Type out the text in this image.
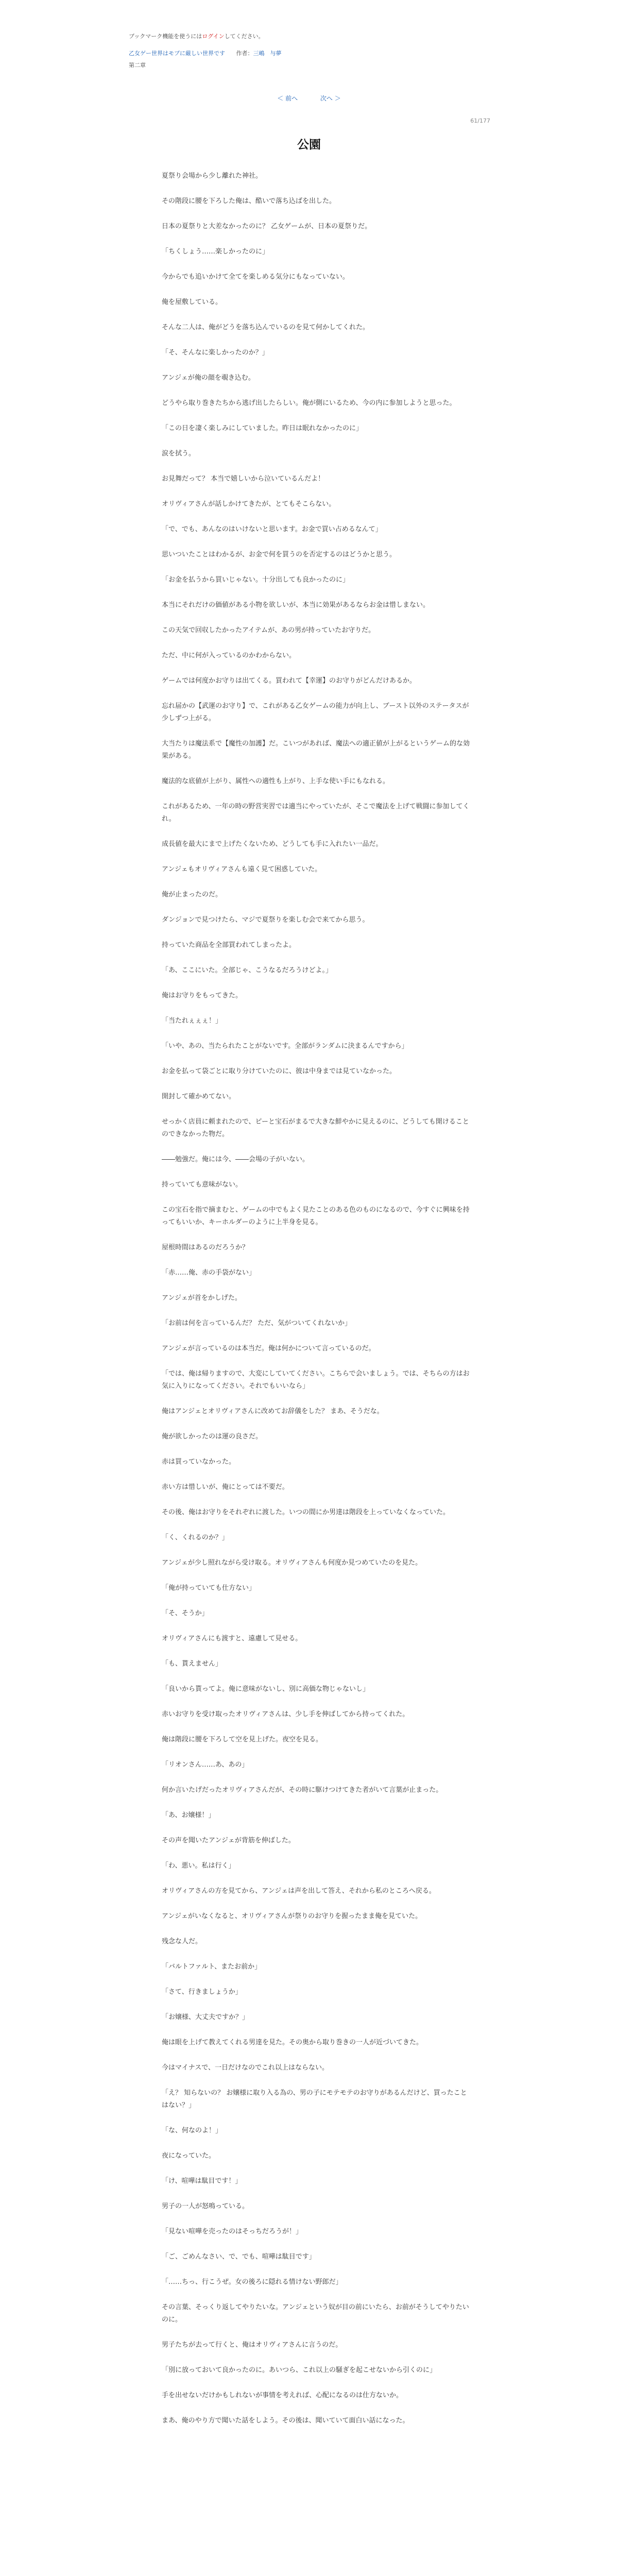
ブックマーク機能を使うにはログインしてください。
乙女ゲー世界はモブに厳しい世界です 作者：三嶋　与夢
第二章
＜ 前へ	次へ ＞
61/177
公園

夏祭り会場から少し離れた神社。

その階段に腰を下ろした俺は、酷いで落ち込ばを出した。

日本の夏祭りと大差なかったのに？ 乙女ゲームが、日本の夏祭りだ。

「ちくしょう……楽しかったのに」

今からでも追いかけて全てを楽しめる気分にもなっていない。

俺を屋敷している。

そんな二人は、俺がどうを落ち込んでいるのを見て何かしてくれた。

「そ、そんなに楽しかったのか？」

アンジェが俺の顔を覗き込む。

どうやら取り巻きたちから逃げ出したらしい。俺が側にいるため、今の内に参加しようと思った。

「この日を凄く楽しみにしていました。昨日は眠れなかったのに」

涙を拭う。

お見舞だって？ 本当で嬉しいから泣いているんだよ！

オリヴィアさんが話しかけてきたが、とてもそこらない。

「で、でも、あんなのはいけないと思います。お金で買い占めるなんて」

思いついたことはわかるが、お金で何を買うのを否定するのはどうかと思う。

「お金を払うから買いじゃない。十分出しても良かったのに」

本当にそれだけの価値がある小物を欲しいが、本当に効果があるならお金は惜しまない。

この天気で回収したかったアイテムが、あの男が持っていたお守りだ。

ただ、中に何が入っているのかわからない。

ゲームでは何度かお守りは出てくる。買われて【幸運】のお守りがどんだけあるか。

忘れ届かの【武運のお守り】で、これがある乙女ゲームの能力が向上し、ブースト以外のステータスが少しずつ上がる。

大当たりは魔法系で【魔性の加護】だ。こいつがあれば、魔法への適正値が上がるというゲーム的な効果がある。

魔法的な底値が上がり、属性への適性も上がり、上手な使い手にもなれる。

これがあるため、一年の時の野営実習では適当にやっていたが、そこで魔法を上げて戦闘に参加してくれ。

成長値を最大にまで上げたくないため、どうしても手に入れたい一品だ。

アンジェもオリヴィアさんも遠く見て困惑していた。

俺が止まったのだ。

ダンジョンで見つけたら、マジで夏祭りを楽しむ会で来てから思う。

持っていた商品を全部買われてしまったよ。

「あ、ここにいた。全部じゃ、こうなるだろうけどよ。」

俺はお守りをもってきた。

「当たれぇぇぇ！」

「いや、あの、当たられたことがないです。全部がランダムに決まるんですから」

お金を払って袋ごとに取り分けていたのに、彼は中身までは見ていなかった。

開封して確かめてない。

せっかく店員に頼まれたので、ピーと宝石がまるで大きな鮮やかに見えるのに、どうしても開けることのできなかった物だ。

――勉強だ。俺には今、――会場の子がいない。

持っていても意味がない。

この宝石を指で摘まむと、ゲームの中でもよく見たことのある色のものになるので、今すぐに興味を持ってもいいか、キーホルダーのように上半身を見る。

屋根時間はあるのだろうか？

「赤……俺、赤の手袋がない」

アンジェが首をかしげた。

「お前は何を言っているんだ？ ただ、気がついてくれないか」

アンジェが言っているのは本当だ。俺は何かについて言っているのだ。

「では、俺は帰りますので、大変にしていてください。こちらで会いましょう。では、そちらの方はお気に入りになってください。それでもいいなら」

俺はアンジェとオリヴィアさんに改めてお辞儀をした？ まあ、そうだな。

俺が欲しかったのは運の良さだ。

赤は買っていなかった。

赤い方は惜しいが、俺にとっては不要だ。

その後、俺はお守りをそれぞれに渡した。いつの間にか男達は階段を上っていなくなっていた。

「く、くれるのか？」

アンジェが少し照れながら受け取る。オリヴィアさんも何度か見つめていたのを見た。

「俺が持っていても仕方ない」

「そ、そうか」

オリヴィアさんにも渡すと、遠慮して見せる。

「も、貰えません」

「良いから貰ってよ。俺に意味がないし、別に高価な物じゃないし」

赤いお守りを受け取ったオリヴィアさんは、少し手を伸ばしてから持ってくれた。

俺は階段に腰を下ろして空を見上げた。夜空を見る。

「リオンさん……あ、あの」

何か言いたげだったオリヴィアさんだが、その時に駆けつけてきた者がいて言葉が止まった。

「あ、お嬢様！」

その声を聞いたアンジェが背筋を伸ばした。

「わ、悪い。私は行く」

オリヴィアさんの方を見てから、アンジェは声を出して答え、それから私のところへ戻る。

アンジェがいなくなると、オリヴィアさんが祭りのお守りを握ったまま俺を見ていた。

残念な人だ。

「バルトファルト、またお前か」

「さて、行きましょうか」

「お嬢様、大丈夫ですか？」

俺は眼を上げて教えてくれる男達を見た。その奥から取り巻きの一人が近づいてきた。

今はマイナスで、一日だけなのでこれ以上はならない。

「え？ 知らないの？ お嬢様に取り入る為の、男の子にモテモテのお守りがあるんだけど、買ったことはない？」

「な、何なのよ！」

夜になっていた。

「け、喧嘩は駄目です！」

男子の一人が怒鳴っている。

「見ない喧嘩を売ったのはそっちだろうが！」

「ご、ごめんなさい、で、でも、喧嘩は駄目です」

「……ちっ、行こうぜ。女の後ろに隠れる情けない野郎だ」

その言葉、そっくり返してやりたいな。アンジェという奴が目の前にいたら、お前がそうしてやりたいのに。

男子たちが去って行くと、俺はオリヴィアさんに言うのだ。

「別に放っておいて良かったのに。あいつら、これ以上の騒ぎを起こせないから引くのに」

手を出せないだけかもしれないが事情を考えれば、心配になるのは仕方ないか。

まあ、俺のやり方で聞いた話をしよう。その後は、聞いていて面白い話になった。
